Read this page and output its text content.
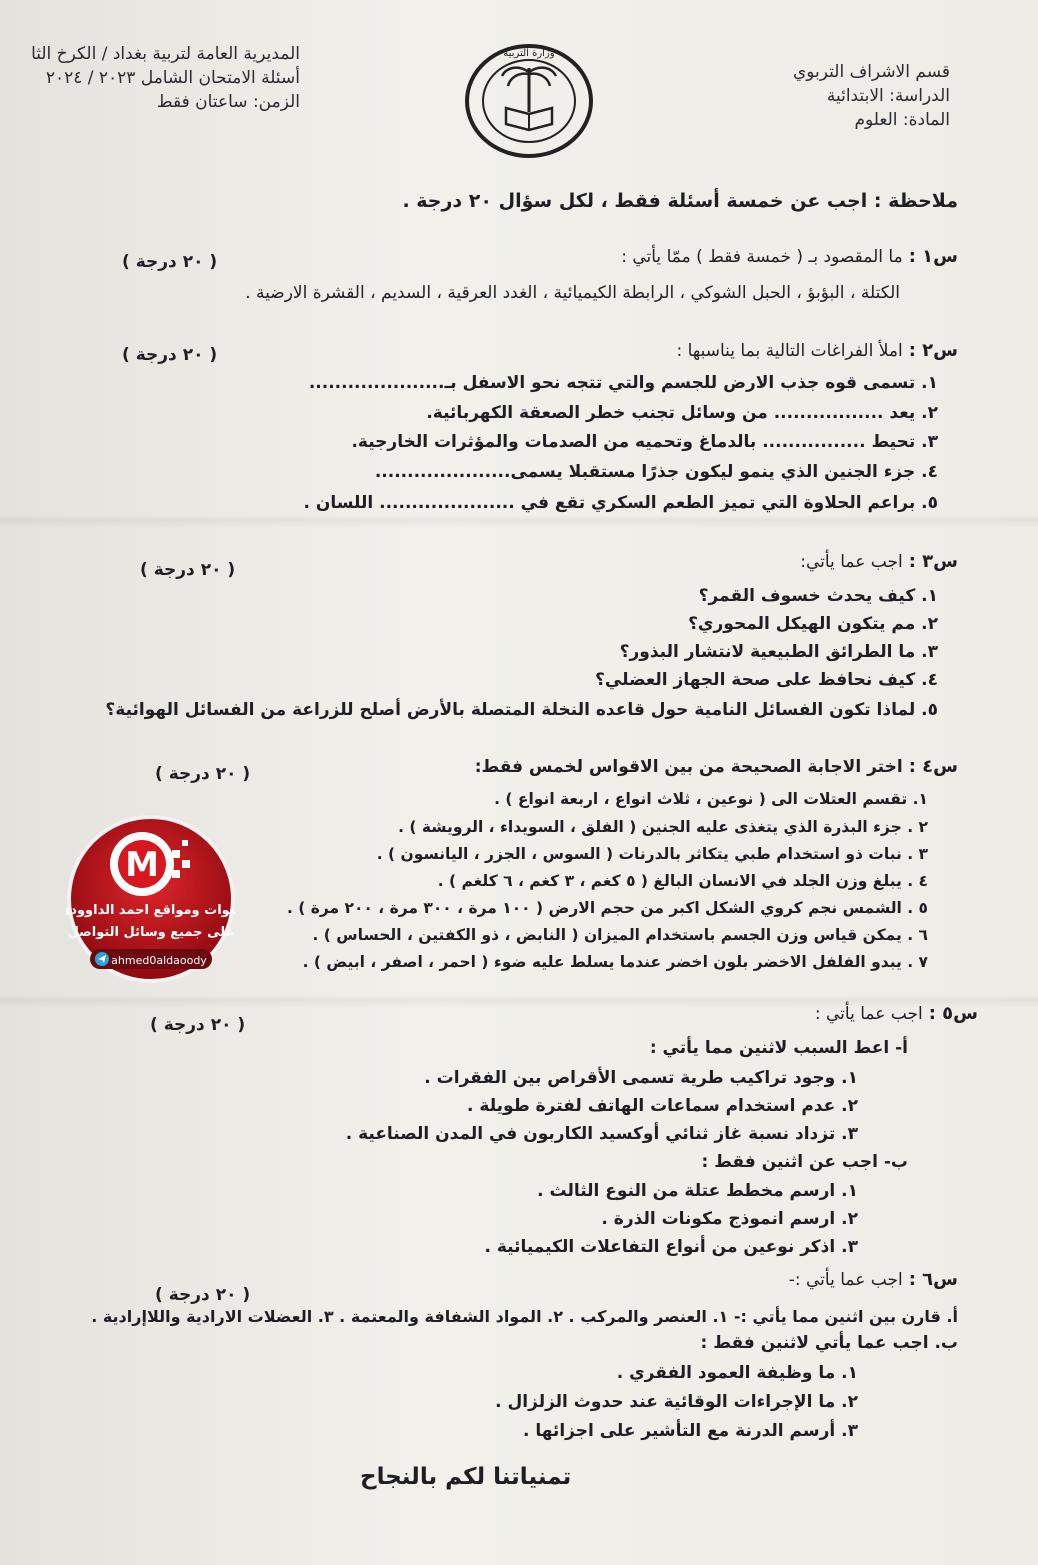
قسم الاشراف التربوي
الدراسة: الابتدائية
المادة: العلوم
المديرية العامة لتربية بغداد / الكرخ الثا
أسئلة الامتحان الشامل ٢٠٢٣ / ٢٠٢٤
الزمن: ساعتان فقط
وزارة التربية
ملاحظة : اجب عن خمسة أسئلة فقط ، لكل سؤال ٢٠ درجة .
س١ :ما المقصود بـ ( خمسة فقط ) ممّا يأتي :
( ٢٠ درجة )
الكتلة ، البؤبؤ ، الحبل الشوكي ، الرابطة الكيميائية ، الغدد العرقية ، السديم ، القشرة الارضية .
س٢ :املأ الفراغات التالية بما يناسبها :
( ٢٠ درجة )
١. تسمى قوه جذب الارض للجسم والتي تتجه نحو الاسفل بـ.....................
٢. يعد ................. من وسائل تجنب خطر الصعقة الكهربائية.
٣. تحيط ................ بالدماغ وتحميه من الصدمات والمؤثرات الخارجية.
٤. جزء الجنين الذي ينمو ليكون جذرًا مستقبلا يسمى.....................
٥. براعم الحلاوة التي تميز الطعم السكري تقع في ..................... اللسان .
س٣ :اجب عما يأتي:
( ٢٠ درجة )
١. كيف يحدث خسوف القمر؟
٢. مم يتكون الهيكل المحوري؟
٣. ما الطرائق الطبيعية لانتشار البذور؟
٤. كيف نحافظ على صحة الجهاز العضلي؟
٥. لماذا تكون الفسائل النامية حول قاعده النخلة المتصلة بالأرض أصلح للزراعة من الفسائل الهوائية؟
س٤ :اختر الاجابة الصحيحة من بين الاقواس لخمس فقط:
( ٢٠ درجة )
١. تقسم العتلات الى ( نوعين ، ثلاث انواع ، اربعة انواع ) .
٢ . جزء البذرة الذي يتغذى عليه الجنين ( الفلق ، السويداء ، الرويشة ) .
٣ . نبات ذو استخدام طبي يتكاثر بالدرنات ( السوس ، الجزر ، اليانسون ) .
٤ . يبلغ وزن الجلد في الانسان البالغ ( ٥ كغم ، ٣ كغم ، ٦ كلغم ) .
٥ . الشمس نجم كروي الشكل اكبر من حجم الارض ( ١٠٠ مرة ، ٣٠٠ مرة ، ٢٠٠ مرة ) .
٦ . يمكن قياس وزن الجسم باستخدام الميزان ( النابض ، ذو الكفتين ، الحساس ) .
٧ . يبدو الفلفل الاخضر بلون اخضر عندما يسلط عليه ضوء ( احمر ، اصفر ، ابيض ) .
س٥ :اجب عما يأتي :
( ٢٠ درجة )
أ- اعط السبب لاثنين مما يأتي :
١. وجود تراكيب طرية تسمى الأقراص بين الفقرات .
٢. عدم استخدام سماعات الهاتف لفترة طويلة .
٣. تزداد نسبة غاز ثنائي أوكسيد الكاربون في المدن الصناعية .
ب- اجب عن اثنين فقط :
١. ارسم مخطط عتلة من النوع الثالث .
٢. ارسم انموذج مكونات الذرة .
٣. اذكر نوعين من أنواع التفاعلات الكيميائية .
س٦ :اجب عما يأتي :-
( ٢٠ درجة )
أ. قارن بين اثنين مما يأتي :- ١. العنصر والمركب . ٢. المواد الشفافة والمعتمة . ٣. العضلات الارادية واللاإرادية .
ب. اجب عما يأتي لاثنين فقط :
١. ما وظيفة العمود الفقري .
٢. ما الإجراءات الوقائية عند حدوث الزلزال .
٣. أرسم الدرنة مع التأشير على اجزائها .
تمنياتنا لكم بالنجاح
M
قنوات ومواقع احمد الداوودي
على جميع وسائل التواصل
ahmed0aldaoody
